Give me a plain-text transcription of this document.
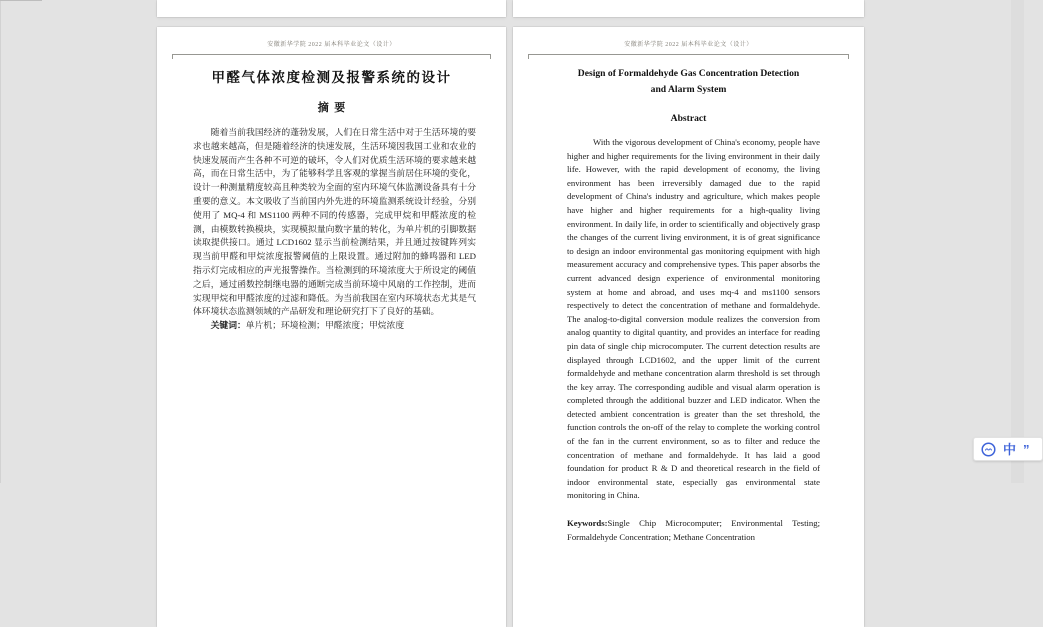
安徽新华学院 2022 届本科毕业论文（设计）
甲醛气体浓度检测及报警系统的设计
摘  要

随着当前我国经济的蓬勃发展，人们在日常生活中对于生活环境的要求也越来越高，但是随着经济的快速发展，生活环境因我国工业和农业的快速发展而产生各种不可逆的破坏，令人们对优质生活环境的要求越来越高，而在日常生活中，为了能够科学且客观的掌握当前居住环境的变化，设计一种测量精度较高且种类较为全面的室内环境气体监测设备具有十分重要的意义。本文吸收了当前国内外先进的环境监测系统设计经验，分别使用了 MQ-4 和 MS1100 两种不同的传感器，完成甲烷和甲醛浓度的检测，由模数转换模块，实现模拟量向数字量的转化，为单片机的引脚数据读取提供接口。通过 LCD1602 显示当前检测结果，并且通过按键阵列实现当前甲醛和甲烷浓度报警阈值的上限设置。通过附加的蜂鸣器和 LED 指示灯完成相应的声光报警操作。当检测到的环境浓度大于所设定的阈值之后，通过函数控制继电器的通断完成当前环境中风扇的工作控制，进而实现甲烷和甲醛浓度的过滤和降低。为当前我国在室内环境状态尤其是气体环境状态监测领域的产品研发和理论研究打下了良好的基础。

关键词：单片机；环境检测；甲醛浓度；甲烷浓度
安徽新华学院 2022 届本科毕业论文（设计）
Design of Formaldehyde Gas Concentration Detection and Alarm System
Abstract

With the vigorous development of China's economy, people have higher and higher requirements for the living environment in their daily life. However, with the rapid development of economy, the living environment has been irreversibly damaged due to the rapid development of China's industry and agriculture, which makes people have higher and higher requirements for a high-quality living environment. In daily life, in order to scientifically and objectively grasp the changes of the current living environment, it is of great significance to design an indoor environmental gas monitoring equipment with high measurement accuracy and comprehensive types. This paper absorbs the current advanced design experience of environmental monitoring system at home and abroad, and uses mq-4 and ms1100 sensors respectively to detect the concentration of methane and formaldehyde. The analog-to-digital conversion module realizes the conversion from analog quantity to digital quantity, and provides an interface for reading pin data of single chip microcomputer. The current detection results are displayed through LCD1602, and the upper limit of the current formaldehyde and methane concentration alarm threshold is set through the key array. The corresponding audible and visual alarm operation is completed through the additional buzzer and LED indicator. When the detected ambient concentration is greater than the set threshold, the function controls the on-off of the relay to complete the working control of the fan in the current environment, so as to filter and reduce the concentration of methane and formaldehyde. It has laid a good foundation for product R & D and theoretical research in the field of indoor environmental state, especially gas environmental state monitoring in China.

Keywords:Single Chip Microcomputer; Environmental Testing; Formaldehyde Concentration; Methane Concentration
中 ”
